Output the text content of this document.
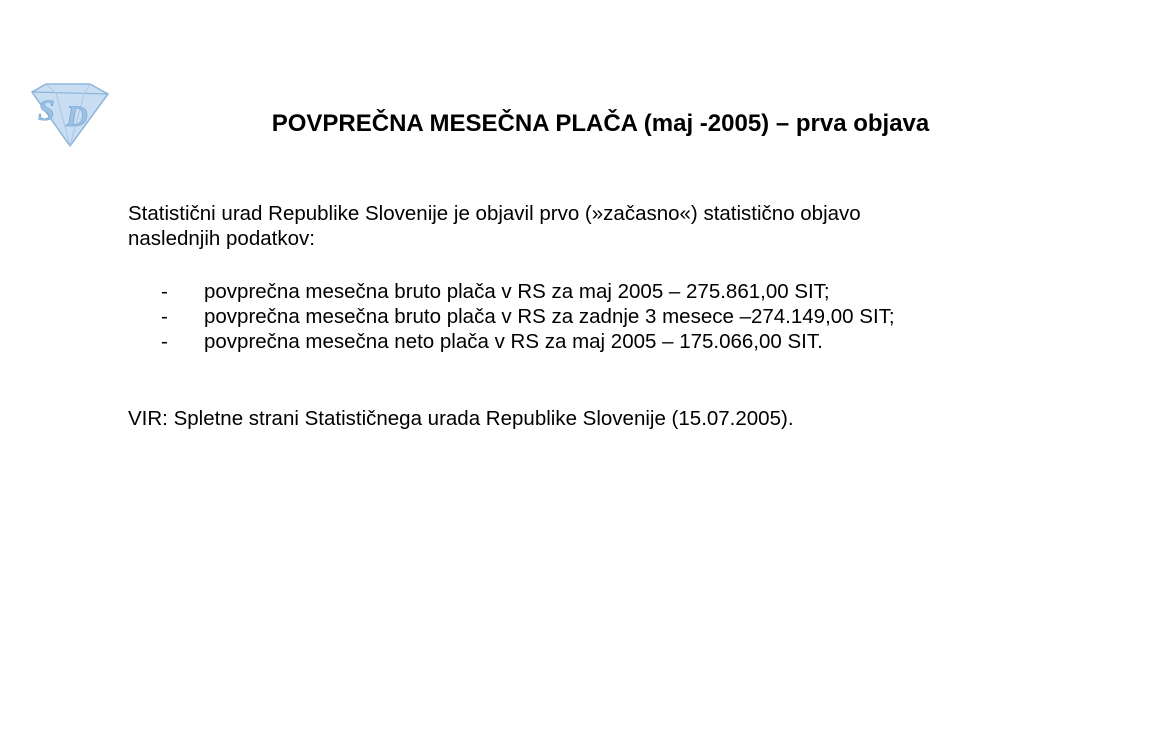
S D	POVPREČNA MESEČNA PLAČA (maj -2005) – prva objava
Statistični urad Republike Slovenije je objavil prvo (»začasno«) statistično objavo
naslednjih podatkov:
-	povprečna mesečna bruto plača v RS za maj 2005 – 275.861,00 SIT;
-	povprečna mesečna bruto plača v RS za zadnje 3 mesece –274.149,00 SIT;
-	povprečna mesečna neto plača v RS za maj 2005 – 175.066,00 SIT.
VIR: Spletne strani Statističnega urada Republike Slovenije (15.07.2005).
